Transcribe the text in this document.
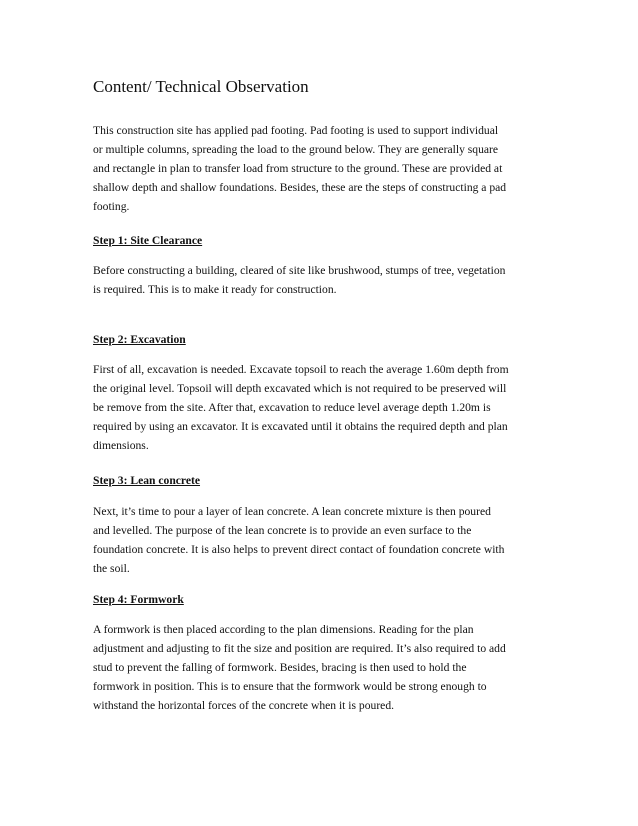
Content/ Technical Observation

This construction site has applied pad footing. Pad footing is used to support individual
or multiple columns, spreading the load to the ground below. They are generally square
and rectangle in plan to transfer load from structure to the ground. These are provided at
shallow depth and shallow foundations. Besides, these are the steps of constructing a pad
footing.

Step 1: Site Clearance

Before constructing a building, cleared of site like brushwood, stumps of tree, vegetation
is required. This is to make it ready for construction.

Step 2: Excavation

First of all, excavation is needed. Excavate topsoil to reach the average 1.60m depth from
the original level. Topsoil will depth excavated which is not required to be preserved will
be remove from the site. After that, excavation to reduce level average depth 1.20m is
required by using an excavator. It is excavated until it obtains the required depth and plan
dimensions.

Step 3: Lean concrete

Next, it’s time to pour a layer of lean concrete. A lean concrete mixture is then poured
and levelled. The purpose of the lean concrete is to provide an even surface to the
foundation concrete. It is also helps to prevent direct contact of foundation concrete with
the soil.

Step 4: Formwork

A formwork is then placed according to the plan dimensions. Reading for the plan
adjustment and adjusting to fit the size and position are required. It’s also required to add
stud to prevent the falling of formwork. Besides, bracing is then used to hold the
formwork in position. This is to ensure that the formwork would be strong enough to
withstand the horizontal forces of the concrete when it is poured.
